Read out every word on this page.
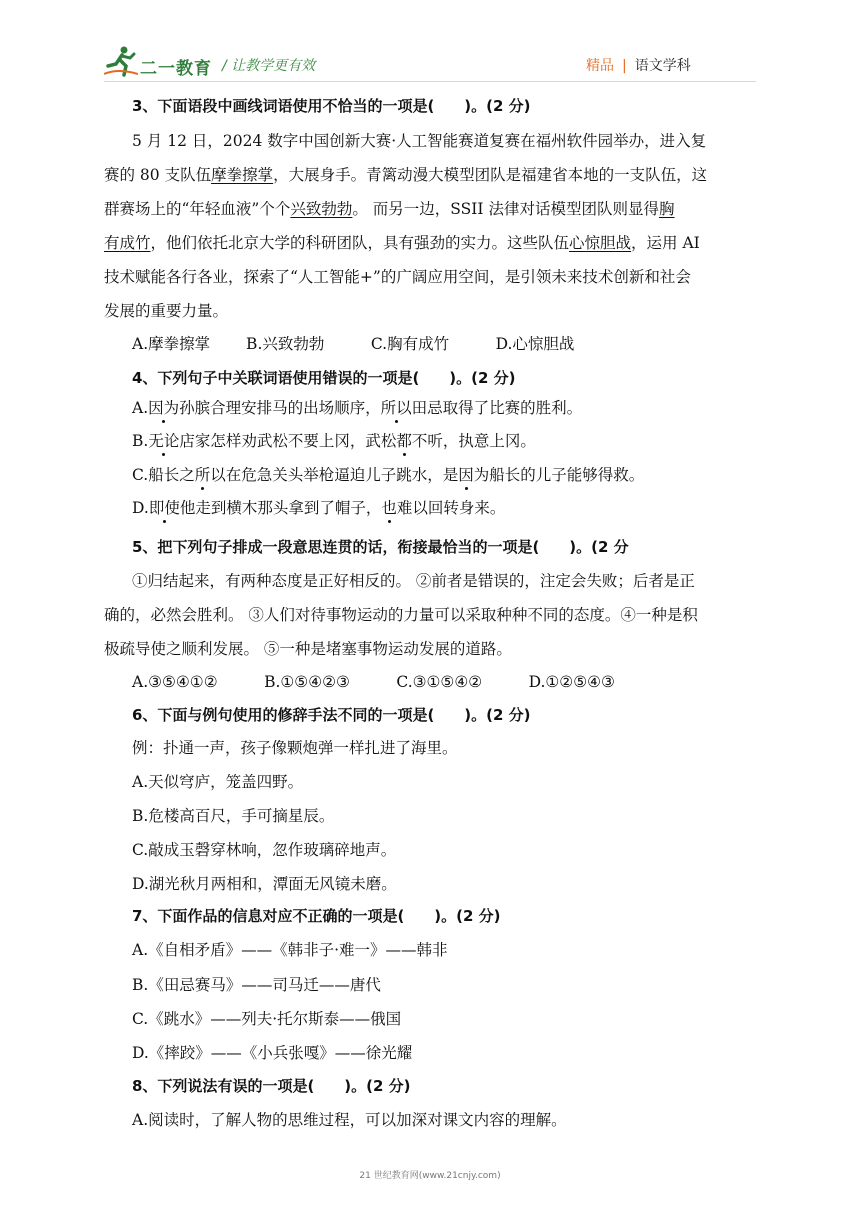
二一教育 / 让教学更有效	精品 | 语文学科
3、下面语段中画线词语使用不恰当的一项是(　　)。(2 分)
5 月 12 日，2024 数字中国创新大赛·人工智能赛道复赛在福州软件园举办，进入复
赛的 80 支队伍摩拳擦掌，大展身手。青篱动漫大模型团队是福建省本地的一支队伍，这
群赛场上的“年轻血液”个个兴致勃勃。 而另一边，SSII 法律对话模型团队则显得胸
有成竹，他们依托北京大学的科研团队，具有强劲的实力。这些队伍心惊胆战，运用 AI
技术赋能各行各业，探索了“人工智能+”的广阔应用空间，是引领未来技术创新和社会
发展的重要力量。
A.摩拳擦掌　　 B.兴致勃勃　　　C.胸有成竹　　　D.心惊胆战
4、下列句子中关联词语使用错误的一项是(　　)。(2 分)
A.因为孙膑合理安排马的出场顺序，所以田忌取得了比赛的胜利。
B.无论店家怎样劝武松不要上冈，武松都不听，执意上冈。
C.船长之所以在危急关头举枪逼迫儿子跳水，是因为船长的儿子能够得救。
D.即使他走到横木那头拿到了帽子，也难以回转身来。
5、把下列句子排成一段意思连贯的话，衔接最恰当的一项是(　　)。(2 分
①归结起来，有两种态度是正好相反的。 ②前者是错误的，注定会失败；后者是正
确的，必然会胜利。 ③人们对待事物运动的力量可以采取种种不同的态度。④一种是积
极疏导使之顺利发展。 ⑤一种是堵塞事物运动发展的道路。
A.③⑤④①②　　　B.①⑤④②③　　　C.③①⑤④②　　　D.①②⑤④③
6、下面与例句使用的修辞手法不同的一项是(　　)。(2 分)
例：扑通一声，孩子像颗炮弹一样扎进了海里。
A.天似穹庐，笼盖四野。
B.危楼高百尺，手可摘星辰。
C.敲成玉磬穿林响，忽作玻璃碎地声。
D.湖光秋月两相和，潭面无风镜未磨。
7、下面作品的信息对应不正确的一项是(　　)。(2 分)
A.《自相矛盾》——《韩非子·难一》——韩非
B.《田忌赛马》——司马迁——唐代
C.《跳水》——列夫·托尔斯泰——俄国
D.《摔跤》——《小兵张嘎》——徐光耀
8、下列说法有误的一项是(　　)。(2 分)
A.阅读时，了解人物的思维过程，可以加深对课文内容的理解。
21 世纪教育网(www.21cnjy.com)
